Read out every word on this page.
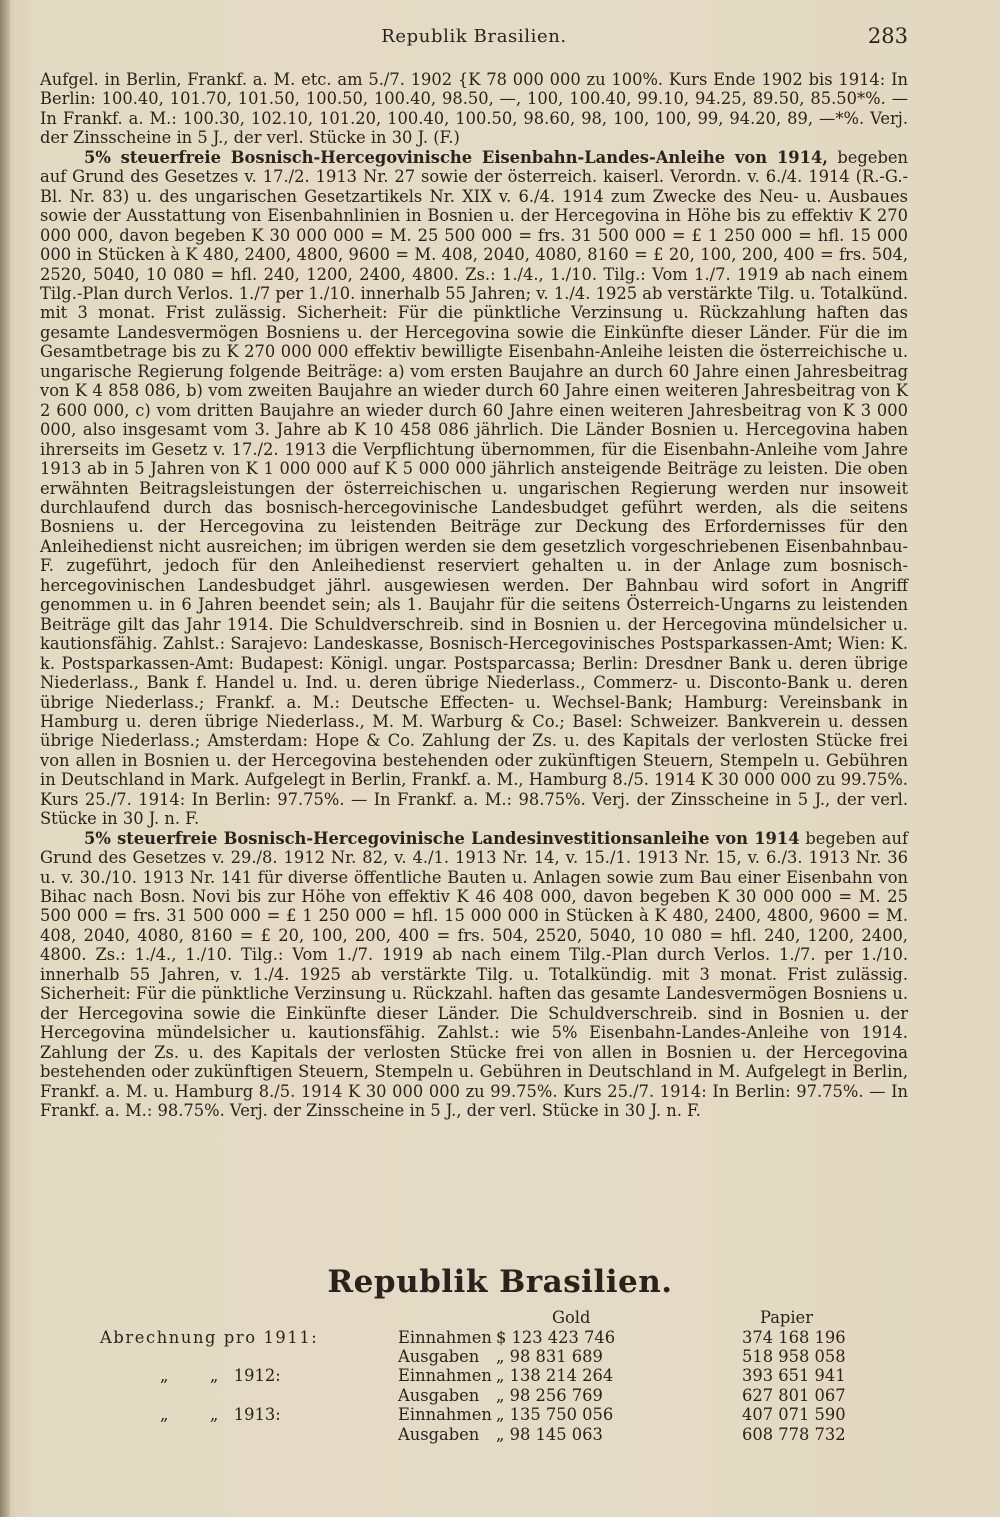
Republik Brasilien.	283

Aufgel. in Berlin, Frankf. a. M. etc. am 5./7. 1902 {K 78 000 000 zu 100%. Kurs Ende 1902 bis 1914: In Berlin: 100.40, 101.70, 101.50, 100.50, 100.40, 98.50, —, 100, 100.40, 99.10, 94.25, 89.50, 85.50*%. — In Frankf. a. M.: 100.30, 102.10, 101.20, 100.40, 100.50, 98.60, 98, 100, 100, 99, 94.20, 89, —*%. Verj. der Zinsscheine in 5 J., der verl. Stücke in 30 J. (F.)

5% steuerfreie Bosnisch-Hercegovinische Eisenbahn-Landes-Anleihe von 1914, begeben auf Grund des Gesetzes v. 17./2. 1913 Nr. 27 sowie der österreich. kaiserl. Verordn. v. 6./4. 1914 (R.-G.-Bl. Nr. 83) u. des ungarischen Gesetzartikels Nr. XIX v. 6./4. 1914 zum Zwecke des Neu- u. Ausbaues sowie der Ausstattung von Eisenbahnlinien in Bosnien u. der Hercegovina in Höhe bis zu effektiv K 270 000 000, davon begeben K 30 000 000 = M. 25 500 000 = frs. 31 500 000 = £ 1 250 000 = hfl. 15 000 000 in Stücken à K 480, 2400, 4800, 9600 = M. 408, 2040, 4080, 8160 = £ 20, 100, 200, 400 = frs. 504, 2520, 5040, 10 080 = hfl. 240, 1200, 2400, 4800. Zs.: 1./4., 1./10. Tilg.: Vom 1./7. 1919 ab nach einem Tilg.-Plan durch Verlos. 1./7 per 1./10. innerhalb 55 Jahren; v. 1./4. 1925 ab verstärkte Tilg. u. Totalkünd. mit 3 monat. Frist zulässig. Sicherheit: Für die pünktliche Verzinsung u. Rückzahlung haften das gesamte Landesvermögen Bosniens u. der Hercegovina sowie die Einkünfte dieser Länder. Für die im Gesamtbetrage bis zu K 270 000 000 effektiv bewilligte Eisenbahn-Anleihe leisten die österreichische u. ungarische Regierung folgende Beiträge: a) vom ersten Baujahre an durch 60 Jahre einen Jahresbeitrag von K 4 858 086, b) vom zweiten Baujahre an wieder durch 60 Jahre einen weiteren Jahresbeitrag von K 2 600 000, c) vom dritten Baujahre an wieder durch 60 Jahre einen weiteren Jahresbeitrag von K 3 000 000, also insgesamt vom 3. Jahre ab K 10 458 086 jährlich. Die Länder Bosnien u. Hercegovina haben ihrerseits im Gesetz v. 17./2. 1913 die Verpflichtung übernommen, für die Eisenbahn-Anleihe vom Jahre 1913 ab in 5 Jahren von K 1 000 000 auf K 5 000 000 jährlich ansteigende Beiträge zu leisten. Die oben erwähnten Beitragsleistungen der österreichischen u. ungarischen Regierung werden nur insoweit durchlaufend durch das bosnisch-hercegovinische Landesbudget geführt werden, als die seitens Bosniens u. der Hercegovina zu leistenden Beiträge zur Deckung des Erfordernisses für den Anleihedienst nicht ausreichen; im übrigen werden sie dem gesetzlich vorgeschriebenen Eisenbahnbau-F. zugeführt, jedoch für den Anleihedienst reserviert gehalten u. in der Anlage zum bosnisch-hercegovinischen Landesbudget jährl. ausgewiesen werden. Der Bahnbau wird sofort in Angriff genommen u. in 6 Jahren beendet sein; als 1. Baujahr für die seitens Österreich-Ungarns zu leistenden Beiträge gilt das Jahr 1914. Die Schuldverschreib. sind in Bosnien u. der Hercegovina mündelsicher u. kautionsfähig. Zahlst.: Sarajevo: Landeskasse, Bosnisch-Hercegovinisches Postsparkassen-Amt; Wien: K. k. Postsparkassen-Amt: Budapest: Königl. ungar. Postsparcassa; Berlin: Dresdner Bank u. deren übrige Niederlass., Bank f. Handel u. Ind. u. deren übrige Niederlass., Commerz- u. Disconto-Bank u. deren übrige Niederlass.; Frankf. a. M.: Deutsche Effecten- u. Wechsel-Bank; Hamburg: Vereinsbank in Hamburg u. deren übrige Niederlass., M. M. Warburg & Co.; Basel: Schweizer. Bankverein u. dessen übrige Niederlass.; Amsterdam: Hope & Co. Zahlung der Zs. u. des Kapitals der verlosten Stücke frei von allen in Bosnien u. der Hercegovina bestehenden oder zukünftigen Steuern, Stempeln u. Gebühren in Deutschland in Mark. Aufgelegt in Berlin, Frankf. a. M., Hamburg 8./5. 1914 K 30 000 000 zu 99.75%. Kurs 25./7. 1914: In Berlin: 97.75%. — In Frankf. a. M.: 98.75%. Verj. der Zinsscheine in 5 J., der verl. Stücke in 30 J. n. F.

5% steuerfreie Bosnisch-Hercegovinische Landesinvestitionsanleihe von 1914 begeben auf Grund des Gesetzes v. 29./8. 1912 Nr. 82, v. 4./1. 1913 Nr. 14, v. 15./1. 1913 Nr. 15, v. 6./3. 1913 Nr. 36 u. v. 30./10. 1913 Nr. 141 für diverse öffentliche Bauten u. Anlagen sowie zum Bau einer Eisenbahn von Bihac nach Bosn. Novi bis zur Höhe von effektiv K 46 408 000, davon begeben K 30 000 000 = M. 25 500 000 = frs. 31 500 000 = £ 1 250 000 = hfl. 15 000 000 in Stücken à K 480, 2400, 4800, 9600 = M. 408, 2040, 4080, 8160 = £ 20, 100, 200, 400 = frs. 504, 2520, 5040, 10 080 = hfl. 240, 1200, 2400, 4800. Zs.: 1./4., 1./10. Tilg.: Vom 1./7. 1919 ab nach einem Tilg.-Plan durch Verlos. 1./7. per 1./10. innerhalb 55 Jahren, v. 1./4. 1925 ab verstärkte Tilg. u. Totalkündig. mit 3 monat. Frist zulässig. Sicherheit: Für die pünktliche Verzinsung u. Rückzahl. haften das gesamte Landesvermögen Bosniens u. der Hercegovina sowie die Einkünfte dieser Länder. Die Schuldverschreib. sind in Bosnien u. der Hercegovina mündelsicher u. kautionsfähig. Zahlst.: wie 5% Eisenbahn-Landes-Anleihe von 1914. Zahlung der Zs. u. des Kapitals der verlosten Stücke frei von allen in Bosnien u. der Hercegovina bestehenden oder zukünftigen Steuern, Stempeln u. Gebühren in Deutschland in M. Aufgelegt in Berlin, Frankf. a. M. u. Hamburg 8./5. 1914 K 30 000 000 zu 99.75%. Kurs 25./7. 1914: In Berlin: 97.75%. — In Frankf. a. M.: 98.75%. Verj. der Zinsscheine in 5 J., der verl. Stücke in 30 J. n. F.

Republik Brasilien.
		Gold	Papier
Abrechnung pro 1911:	Einnahmen	$ 123 423 746	374 168 196
	Ausgaben	„ 98 831 689	518 958 058
„        „   1912:	Einnahmen	„ 138 214 264	393 651 941
	Ausgaben	„ 98 256 769	627 801 067
„        „   1913:	Einnahmen	„ 135 750 056	407 071 590
	Ausgaben	„ 98 145 063	608 778 732
